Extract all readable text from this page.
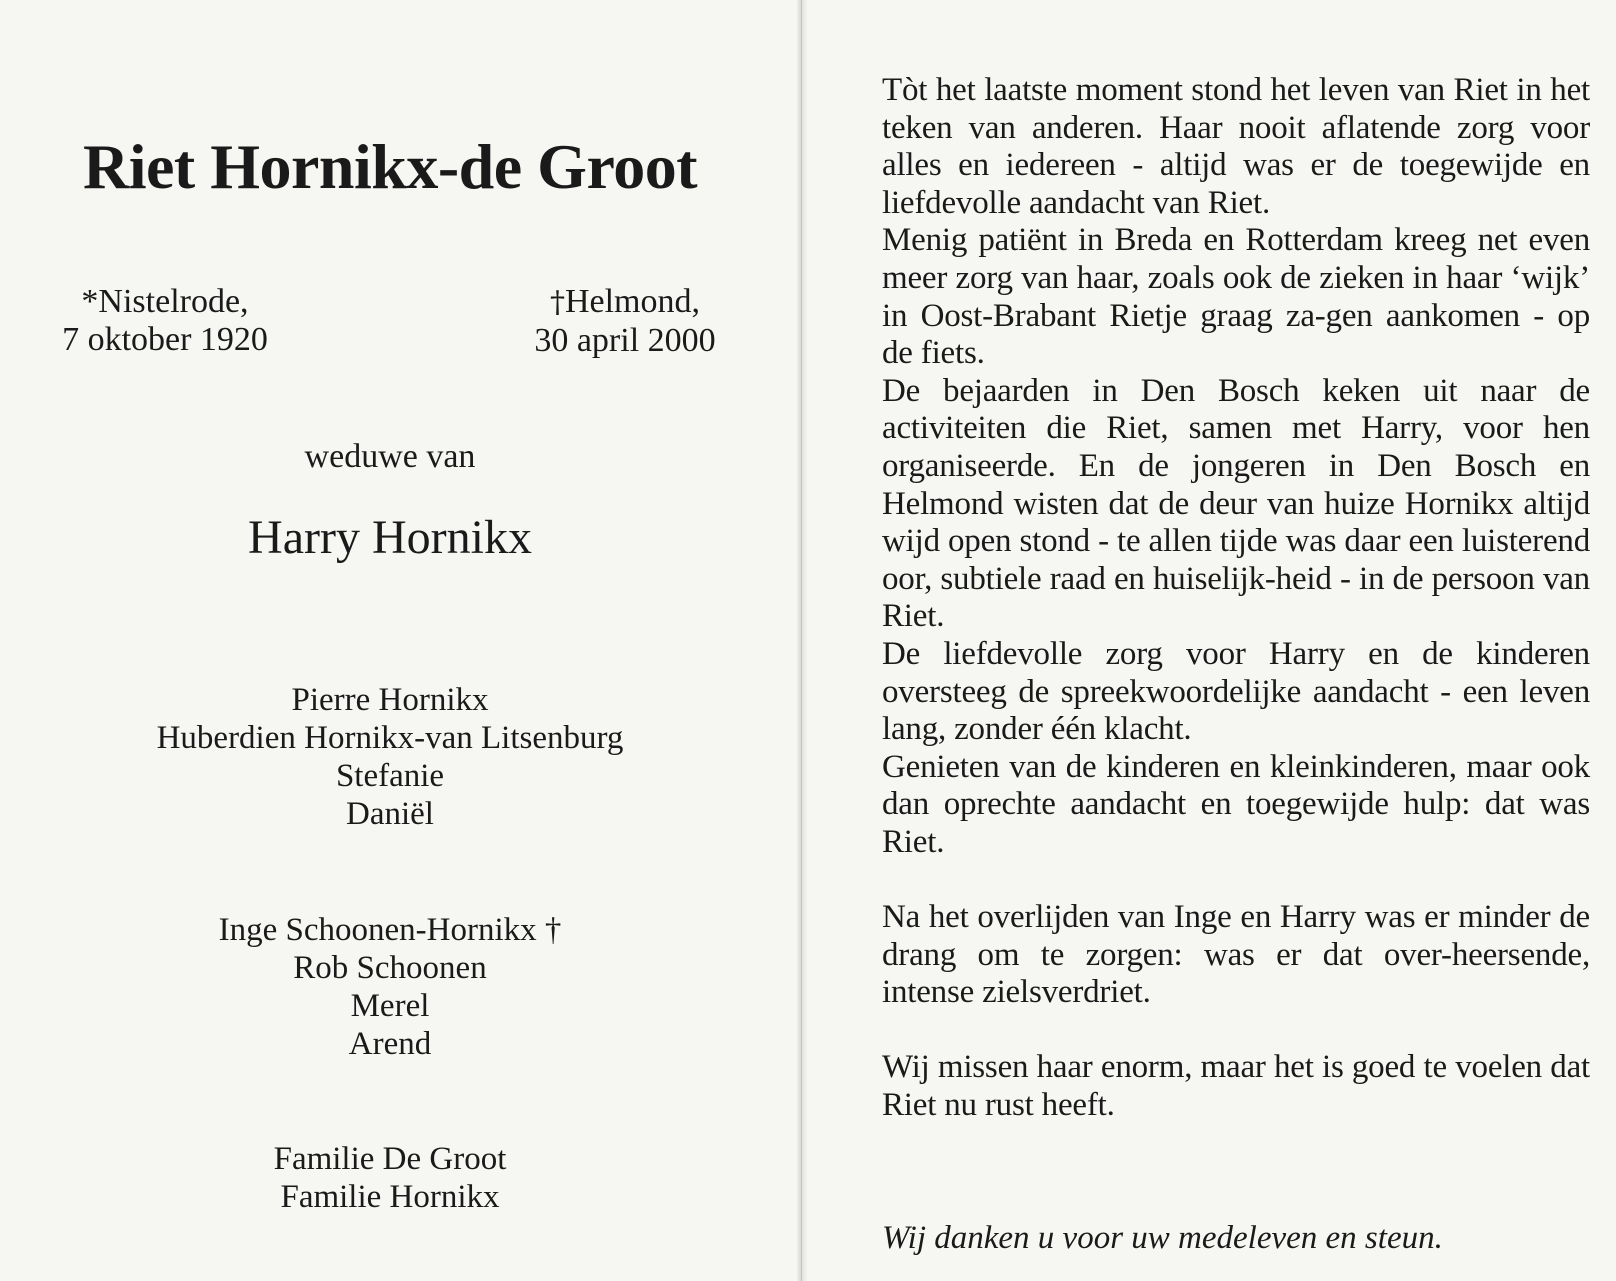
Riet Hornikx-de Groot
*Nistelrode,
7 oktober 1920
†Helmond,
30 april 2000

weduwe van

Harry Hornikx

Pierre Hornikx
Huberdien Hornikx-van Litsenburg
Stefanie
Daniël
Inge Schoonen-Hornikx †
Rob Schoonen
Merel
Arend
Familie De Groot
Familie Hornikx

Tòt het laatste moment stond het leven van Riet in het teken van anderen. Haar nooit aflatende zorg voor alles en iedereen - altijd was er de toegewijde en liefdevolle aandacht van Riet.

Menig patiënt in Breda en Rotterdam kreeg net even meer zorg van haar, zoals ook de zieken in haar ‘wijk’ in Oost-Brabant Rietje graag za-gen aankomen - op de fiets.

De bejaarden in Den Bosch keken uit naar de activiteiten die Riet, samen met Harry, voor hen organiseerde. En de jongeren in Den Bosch en Helmond wisten dat de deur van huize Hornikx altijd wijd open stond - te allen tijde was daar een luisterend oor, subtiele raad en huiselijk-heid - in de persoon van Riet.

De liefdevolle zorg voor Harry en de kinderen oversteeg de spreekwoordelijke aandacht - een leven lang, zonder één klacht.

Genieten van de kinderen en kleinkinderen, maar ook dan oprechte aandacht en toegewijde hulp: dat was Riet.

Na het overlijden van Inge en Harry was er minder de drang om te zorgen: was er dat over-heersende, intense zielsverdriet.

Wij missen haar enorm, maar het is goed te voelen dat Riet nu rust heeft.

Wij danken u voor uw medeleven en steun.
